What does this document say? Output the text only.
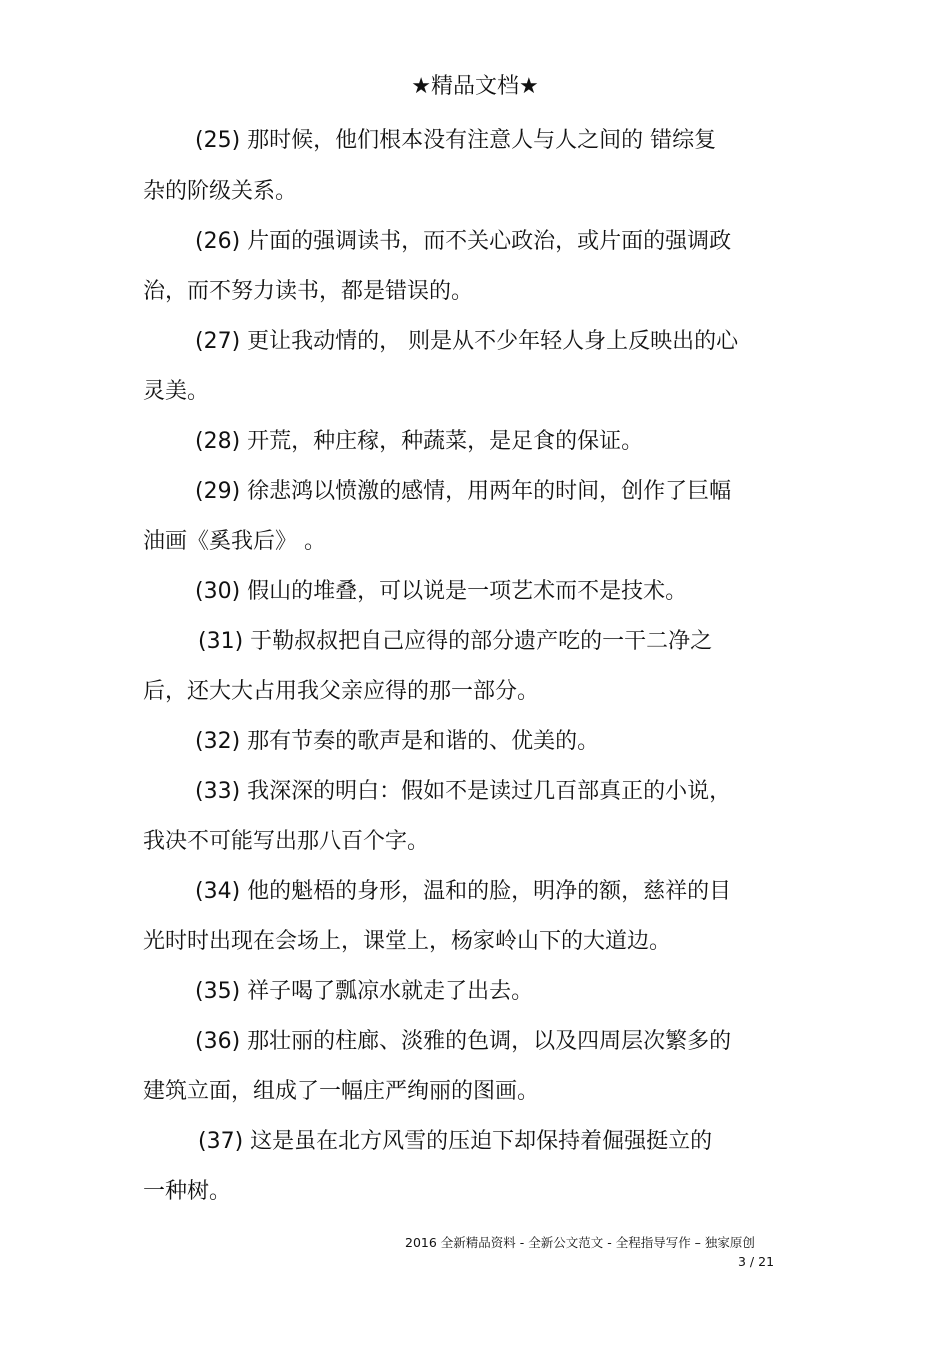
★精品文档★
(25) 那时候，他们根本没有注意人与人之间的 错综复
杂的阶级关系。
(26) 片面的强调读书，而不关心政治，或片面的强调政
治，而不努力读书，都是错误的。
(27) 更让我动情的， 则是从不少年轻人身上反映出的心
灵美。
(28) 开荒，种庄稼，种蔬菜，是足食的保证。
(29) 徐悲鸿以愤激的感情，用两年的时间，创作了巨幅
油画《奚我后》 。
(30) 假山的堆叠，可以说是一项艺术而不是技术。
(31) 于勒叔叔把自己应得的部分遗产吃的一干二净之
后，还大大占用我父亲应得的那一部分。
(32) 那有节奏的歌声是和谐的、优美的。
(33) 我深深的明白：假如不是读过几百部真正的小说，
我决不可能写出那八百个字。
(34) 他的魁梧的身形，温和的脸，明净的额，慈祥的目
光时时出现在会场上，课堂上，杨家岭山下的大道边。
(35) 祥子喝了瓢凉水就走了出去。
(36) 那壮丽的柱廊、淡雅的色调，以及四周层次繁多的
建筑立面，组成了一幅庄严绚丽的图画。
(37) 这是虽在北方风雪的压迫下却保持着倔强挺立的
一种树。
2016 全新精品资料 - 全新公文范文 - 全程指导写作 – 独家原创
3 / 21
